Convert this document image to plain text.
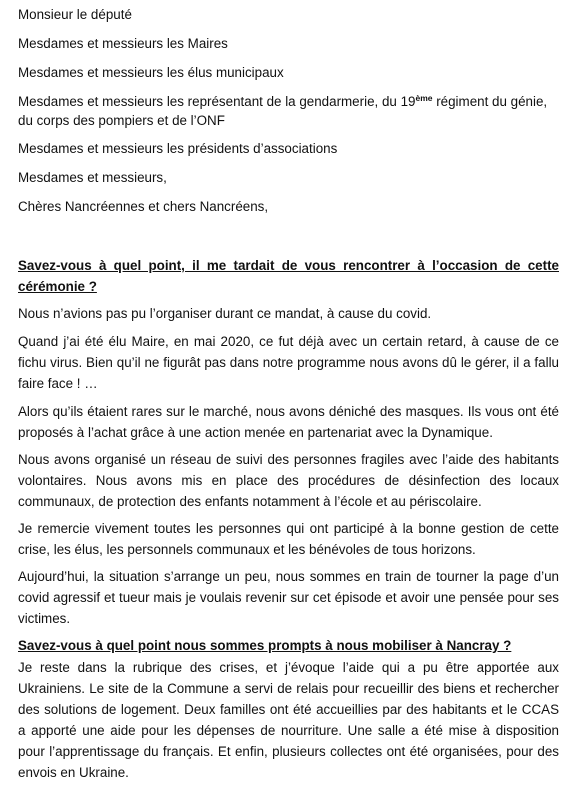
Monsieur le député
Mesdames et messieurs les Maires
Mesdames et messieurs les élus municipaux
Mesdames et messieurs les représentant de la gendarmerie, du 19ème régiment du génie,
du corps des pompiers et de l’ONF
Mesdames et messieurs les présidents d’associations
Mesdames et messieurs,
Chères Nancréennes et chers Nancréens,
Savez-vous à quel point, il me tardait de vous rencontrer à l’occasion de cette cérémonie ?
Nous n’avions pas pu l’organiser durant ce mandat, à cause du covid.
Quand j’ai été élu Maire, en mai 2020, ce fut déjà avec un certain retard, à cause de ce fichu virus. Bien qu’il ne figurât pas dans notre programme nous avons dû le gérer, il a fallu faire face ! …
Alors qu’ils étaient rares sur le marché, nous avons déniché des masques. Ils vous ont été proposés à l’achat grâce à une action menée en partenariat avec la Dynamique.
Nous avons organisé un réseau de suivi des personnes fragiles avec l’aide des habitants volontaires. Nous avons mis en place des procédures de désinfection des locaux communaux, de protection des enfants notamment à l’école et au périscolaire.
Je remercie vivement toutes les personnes qui ont participé à la bonne gestion de cette crise, les élus, les personnels communaux et les bénévoles de tous horizons.
Aujourd’hui, la situation s’arrange un peu, nous sommes en train de tourner la page d’un covid agressif et tueur mais je voulais revenir sur cet épisode et avoir une pensée pour ses victimes.
Savez-vous à quel point nous sommes prompts à nous mobiliser à Nancray ?
Je reste dans la rubrique des crises, et j’évoque l’aide qui a pu être apportée aux Ukrainiens. Le site de la Commune a servi de relais pour recueillir des biens et rechercher des solutions de logement. Deux familles ont été accueillies par des habitants et le CCAS a apporté une aide pour les dépenses de nourriture. Une salle a été mise à disposition pour l’apprentissage du français. Et enfin, plusieurs collectes ont été organisées, pour des envois en Ukraine.
